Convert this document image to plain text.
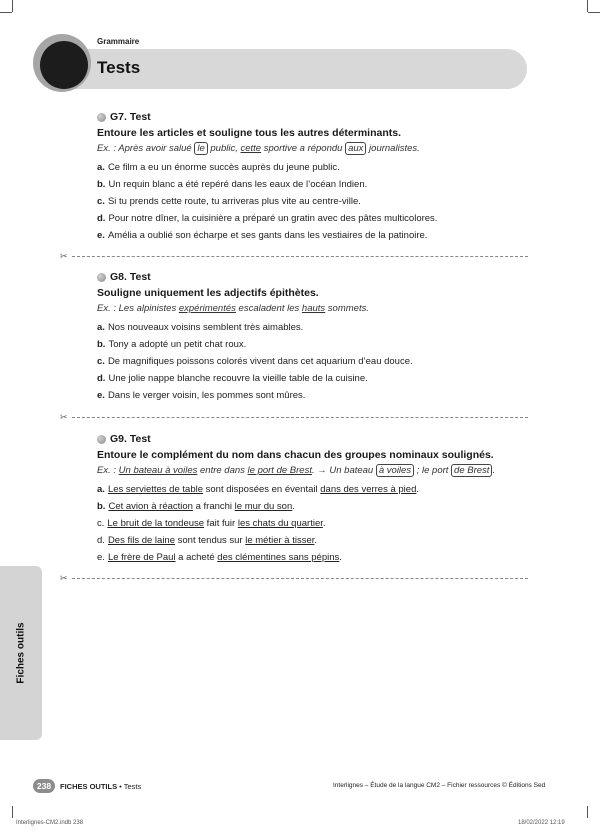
Grammaire
Tests
G7. Test
Entoure les articles et souligne tous les autres déterminants.
Ex. : Après avoir salué le public, cette sportive a répondu aux journalistes.
a. Ce film a eu un énorme succès auprès du jeune public.
b. Un requin blanc a été repéré dans les eaux de l’océan Indien.
c. Si tu prends cette route, tu arriveras plus vite au centre-ville.
d. Pour notre dîner, la cuisinière a préparé un gratin avec des pâtes multicolores.
e. Amélia a oublié son écharpe et ses gants dans les vestiaires de la patinoire.
✂
G8. Test
Souligne uniquement les adjectifs épithètes.
Ex. : Les alpinistes expérimentés escaladent les hauts sommets.
a. Nos nouveaux voisins semblent très aimables.
b. Tony a adopté un petit chat roux.
c. De magnifiques poissons colorés vivent dans cet aquarium d’eau douce.
d. Une jolie nappe blanche recouvre la vieille table de la cuisine.
e. Dans le verger voisin, les pommes sont mûres.
✂
G9. Test
Entoure le complément du nom dans chacun des groupes nominaux soulignés.
Ex. : Un bateau à voiles entre dans le port de Brest. → Un bateau à voiles ; le port de Brest .
a. Les serviettes de table sont disposées en éventail dans des verres à pied.
b. Cet avion à réaction a franchi le mur du son.
c. Le bruit de la tondeuse fait fuir les chats du quartier.
d. Des fils de laine sont tendus sur le métier à tisser.
e. Le frère de Paul a acheté des clémentines sans pépins.
✂
Fiches outils
238	FICHES OUTILS • Tests	Interlignes – Étude de la langue CM2 – Fichier ressources © Éditions Sed
Interlignes-CM2.indb 238	18/02/2022 12:19
